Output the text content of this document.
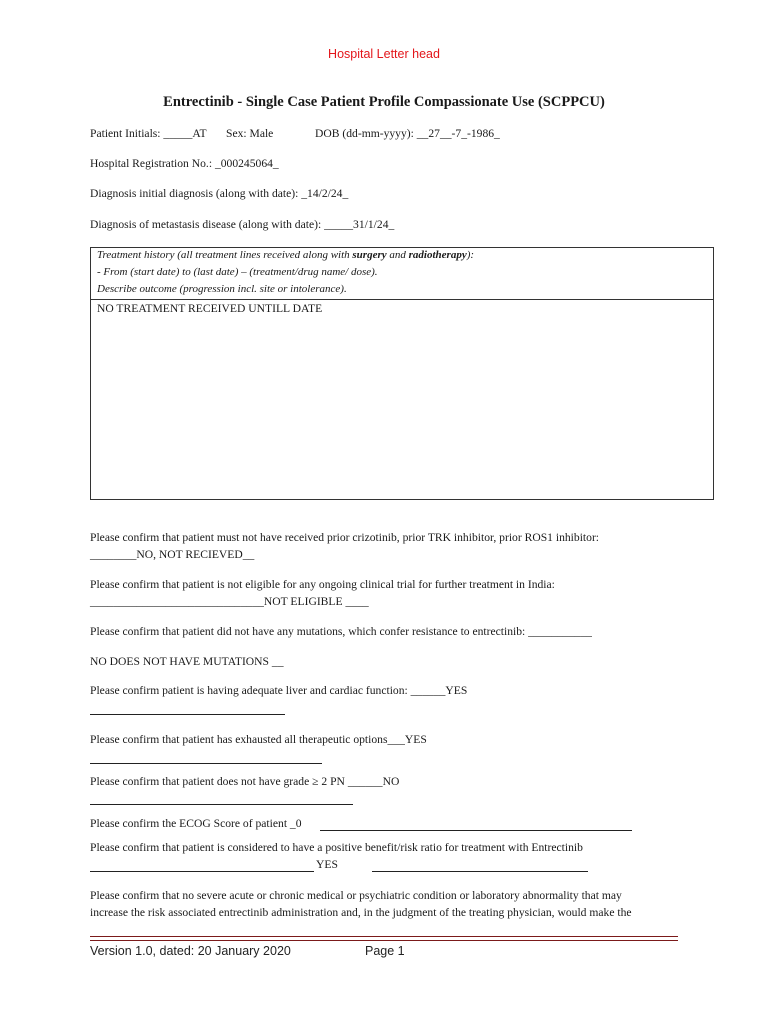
Hospital Letter head
Entrectinib - Single Case Patient Profile Compassionate Use (SCPPCU)
Patient Initials: _____AT Sex: Male	DOB (dd-mm-yyyy): __27__-7_-1986_
Hospital Registration No.: _000245064_
Diagnosis initial diagnosis (along with date): _14/2/24_
Diagnosis of metastasis disease (along with date): _____31/1/24_
Treatment history (all treatment lines received along with surgery and radiotherapy):
- From (start date) to (last date) – (treatment/drug name/ dose).
Describe outcome (progression incl. site or intolerance).
NO TREATMENT RECEIVED UNTILL DATE
Please confirm that patient must not have received prior crizotinib, prior TRK inhibitor, prior ROS1 inhibitor:
________NO, NOT RECIEVED__
Please confirm that patient is not eligible for any ongoing clinical trial for further treatment in India:
______________________________NOT ELIGIBLE ____
Please confirm that patient did not have any mutations, which confer resistance to entrectinib: ___________
NO DOES NOT HAVE MUTATIONS __
Please confirm patient is having adequate liver and cardiac function: ______YES
Please confirm that patient has exhausted all therapeutic options___YES
Please confirm that patient does not have grade ≥ 2 PN ______NO
Please confirm the ECOG Score of patient _0
Please confirm that patient is considered to have a positive benefit/risk ratio for treatment with Entrectinib
YES
Please confirm that no severe acute or chronic medical or psychiatric condition or laboratory abnormality that may
increase the risk associated entrectinib administration and, in the judgment of the treating physician, would make the
Version 1.0, dated: 20 January 2020	Page 1
